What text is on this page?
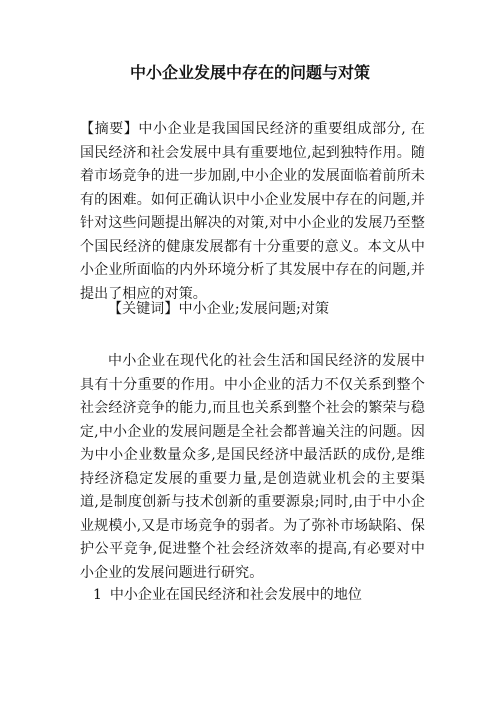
中小企业发展中存在的问题与对策

【摘要】中小企业是我国国民经济的重要组成部分, 在国民经济和社会发展中具有重要地位,起到独特作用。随着市场竞争的进一步加剧,中小企业的发展面临着前所未有的困难。如何正确认识中小企业发展中存在的问题,并针对这些问题提出解决的对策,对中小企业的发展乃至整个国民经济的健康发展都有十分重要的意义。本文从中小企业所面临的内外环境分析了其发展中存在的问题,并提出了相应的对策。

【关键词】中小企业;发展问题;对策

中小企业在现代化的社会生活和国民经济的发展中具有十分重要的作用。中小企业的活力不仅关系到整个社会经济竞争的能力,而且也关系到整个社会的繁荣与稳定,中小企业的发展问题是全社会都普遍关注的问题。因为中小企业数量众多,是国民经济中最活跃的成份,是维持经济稳定发展的重要力量,是创造就业机会的主要渠道,是制度创新与技术创新的重要源泉;同时,由于中小企业规模小,又是市场竞争的弱者。为了弥补市场缺陷、保护公平竞争,促进整个社会经济效率的提高,有必要对中小企业的发展问题进行研究。

1 中小企业在国民经济和社会发展中的地位
